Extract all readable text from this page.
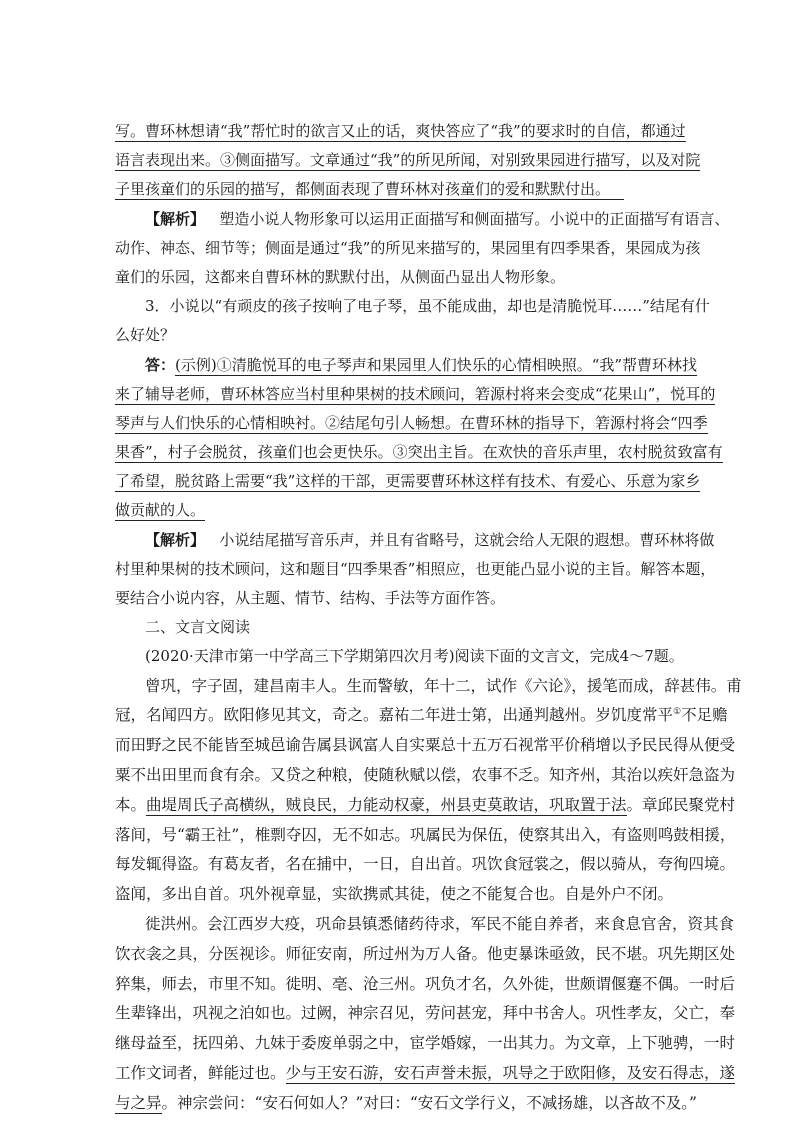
写。曹环林想请“我”帮忙时的欲言又止的话，爽快答应了“我”的要求时的自信，都通过
语言表现出来。③侧面描写。文章通过“我”的所见所闻，对别致果园进行描写，以及对院
子里孩童们的乐园的描写，都侧面表现了曹环林对孩童们的爱和默默付出。
【解析】 塑造小说人物形象可以运用正面描写和侧面描写。小说中的正面描写有语言、
动作、神态、细节等；侧面是通过“我”的所见来描写的，果园里有四季果香，果园成为孩
童们的乐园，这都来自曹环林的默默付出，从侧面凸显出人物形象。
3．小说以“有顽皮的孩子按响了电子琴，虽不能成曲，却也是清脆悦耳……”结尾有什
么好处？
答：(示例)①清脆悦耳的电子琴声和果园里人们快乐的心情相映照。“我”帮曹环林找
来了辅导老师，曹环林答应当村里种果树的技术顾问，箬源村将来会变成“花果山”，悦耳的
琴声与人们快乐的心情相映衬。②结尾句引人畅想。在曹环林的指导下，箬源村将会“四季
果香”，村子会脱贫，孩童们也会更快乐。③突出主旨。在欢快的音乐声里，农村脱贫致富有
了希望，脱贫路上需要“我”这样的干部，更需要曹环林这样有技术、有爱心、乐意为家乡
做贡献的人。
【解析】 小说结尾描写音乐声，并且有省略号，这就会给人无限的遐想。曹环林将做
村里种果树的技术顾问，这和题目“四季果香”相照应，也更能凸显小说的主旨。解答本题，
要结合小说内容，从主题、情节、结构、手法等方面作答。
二、文言文阅读
(2020·天津市第一中学高三下学期第四次月考)阅读下面的文言文，完成4～7题。
曾巩，字子固，建昌南丰人。生而警敏，年十二，试作《六论》，援笔而成，辞甚伟。甫
冠，名闻四方。欧阳修见其文，奇之。嘉祐二年进士第，出通判越州。岁饥度常平①不足赡
而田野之民不能皆至城邑谕告属县讽富人自实粟总十五万石视常平价稍增以予民民得从便受
粟不出田里而食有余。又贷之种粮，使随秋赋以偿，农事不乏。知齐州，其治以疾奸急盗为
本。曲堤周氏子高横纵，贼良民，力能动权豪，州县吏莫敢诘，巩取置于法。章邱民聚党村
落间，号“霸王社”，椎剽夺囚，无不如志。巩属民为保伍，使察其出入，有盗则鸣鼓相援，
每发辄得盗。有葛友者，名在捕中，一日，自出首。巩饮食冠裳之，假以骑从，夸徇四境。
盗闻，多出自首。巩外视章显，实欲携贰其徒，使之不能复合也。自是外户不闭。
徙洪州。会江西岁大疫，巩命县镇悉储药待求，军民不能自养者，来食息官舍，资其食
饮衣衾之具，分医视诊。师征安南，所过州为万人备。他吏暴诛亟敛，民不堪。巩先期区处
猝集，师去，市里不知。徙明、亳、沧三州。巩负才名，久外徙，世颇谓偃蹇不偶。一时后
生辈锋出，巩视之泊如也。过阙，神宗召见，劳问甚宠，拜中书舍人。巩性孝友，父亡，奉
继母益至，抚四弟、九妹于委废单弱之中，宦学婚嫁，一出其力。为文章，上下驰骋，一时
工作文词者，鲜能过也。少与王安石游，安石声誉未振，巩导之于欧阳修，及安石得志，遂
与之异。神宗尝问：“安石何如人？”对曰：“安石文学行义，不减扬雄，以吝故不及。”
